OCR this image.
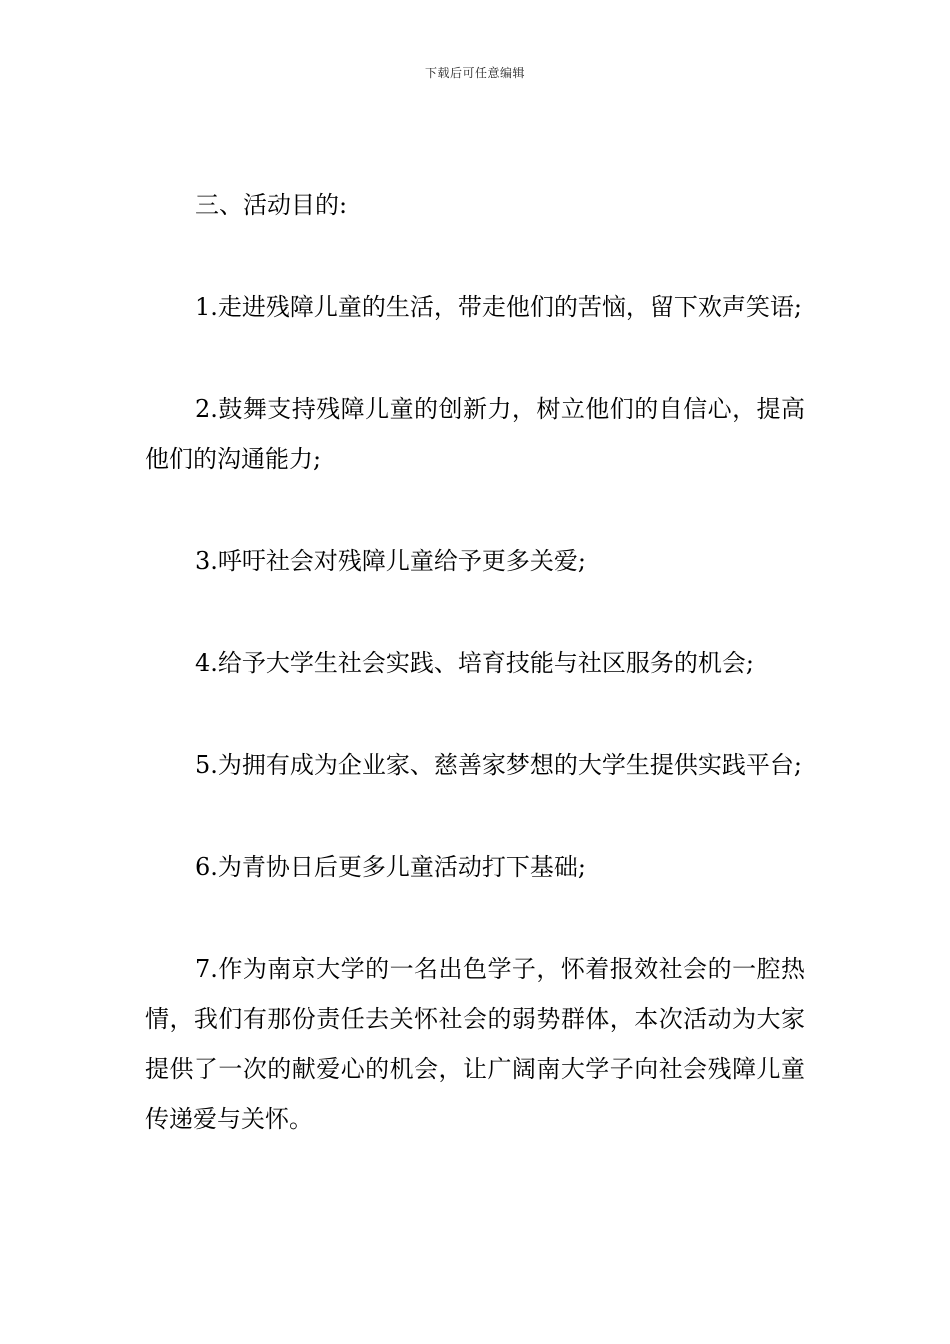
下载后可任意编辑

三、活动目的:

1.走进残障儿童的生活，带走他们的苦恼，留下欢声笑语;

2.鼓舞支持残障儿童的创新力，树立他们的自信心，提高他们的沟通能力;

3.呼吁社会对残障儿童给予更多关爱;

4.给予大学生社会实践、培育技能与社区服务的机会;

5.为拥有成为企业家、慈善家梦想的大学生提供实践平台;

6.为青协日后更多儿童活动打下基础;

7.作为南京大学的一名出色学子，怀着报效社会的一腔热情，我们有那份责任去关怀社会的弱势群体，本次活动为大家提供了一次的献爱心的机会，让广阔南大学子向社会残障儿童传递爱与关怀。
